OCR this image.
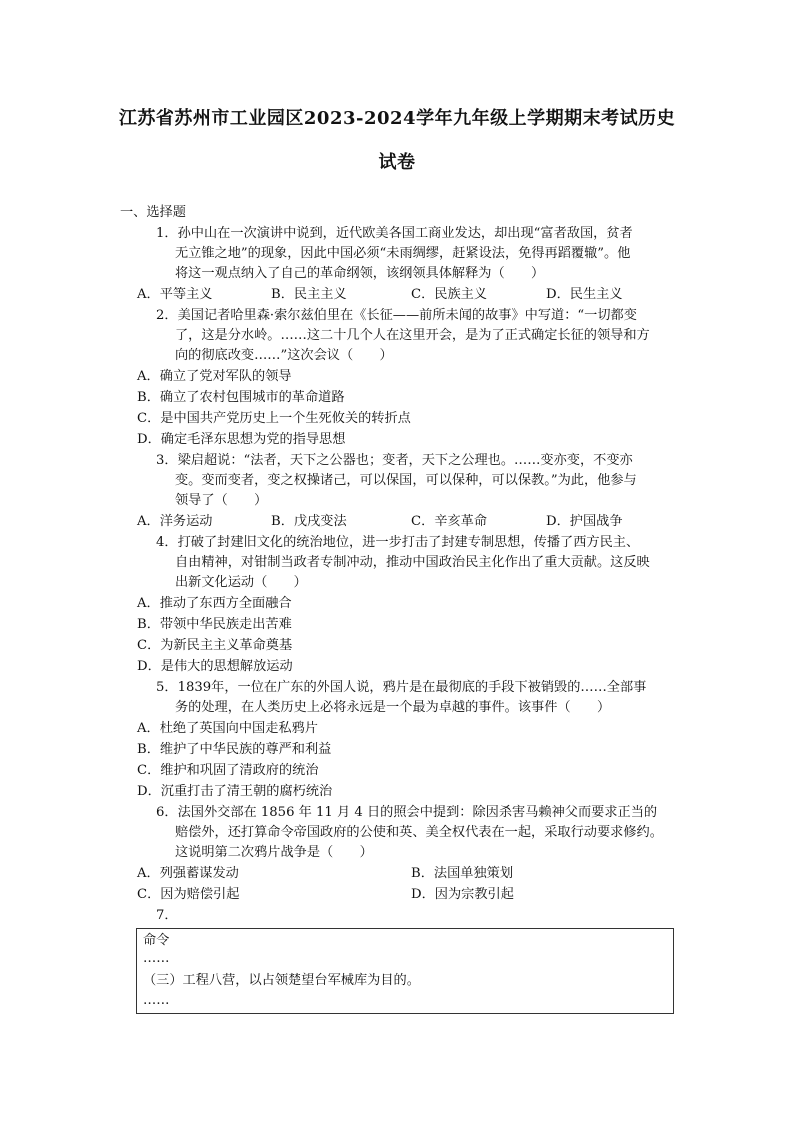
江苏省苏州市工业园区2023-2024学年九年级上学期期末考试历史
试卷
一、选择题
1．孙中山在一次演讲中说到，近代欧美各国工商业发达，却出现“富者敌国，贫者
无立锥之地”的现象，因此中国必须“未雨绸缪，赶紧设法，免得再蹈覆辙”。他
将这一观点纳入了自己的革命纲领，该纲领具体解释为（　　）
A．平等主义	B．民主主义	C．民族主义	D．民生主义
2．美国记者哈里森·索尔兹伯里在《长征——前所未闻的故事》中写道：“一切都变
了，这是分水岭。……这二十几个人在这里开会，是为了正式确定长征的领导和方
向的彻底改变……”这次会议（　　）
A．确立了党对军队的领导
B．确立了农村包围城市的革命道路
C．是中国共产党历史上一个生死攸关的转折点
D．确定毛泽东思想为党的指导思想
3．梁启超说：“法者，天下之公器也；变者，天下之公理也。……变亦变，不变亦
变。变而变者，变之权操诸己，可以保国，可以保种，可以保教。”为此，他参与
领导了（　　）
A．洋务运动	B．戊戌变法	C．辛亥革命	D．护国战争
4．打破了封建旧文化的统治地位，进一步打击了封建专制思想，传播了西方民主、
自由精神，对钳制当政者专制冲动，推动中国政治民主化作出了重大贡献。这反映
出新文化运动（　　）
A．推动了东西方全面融合
B．带领中华民族走出苦难
C．为新民主主义革命奠基
D．是伟大的思想解放运动
5．1839年，一位在广东的外国人说，鸦片是在最彻底的手段下被销毁的……全部事
务的处理，在人类历史上必将永远是一个最为卓越的事件。该事件（　　）
A．杜绝了英国向中国走私鸦片
B．维护了中华民族的尊严和利益
C．维护和巩固了清政府的统治
D．沉重打击了清王朝的腐朽统治
6．法国外交部在 1856 年 11 月 4 日的照会中提到：除因杀害马赖神父而要求正当的
赔偿外，还打算命令帝国政府的公使和英、美全权代表在一起，采取行动要求修约。
这说明第二次鸦片战争是（　　）
A．列强蓄谋发动	B．法国单独策划
C．因为赔偿引起	D．因为宗教引起
7．
命令
……
（三）工程八营，以占领楚望台军械库为目的。
……
